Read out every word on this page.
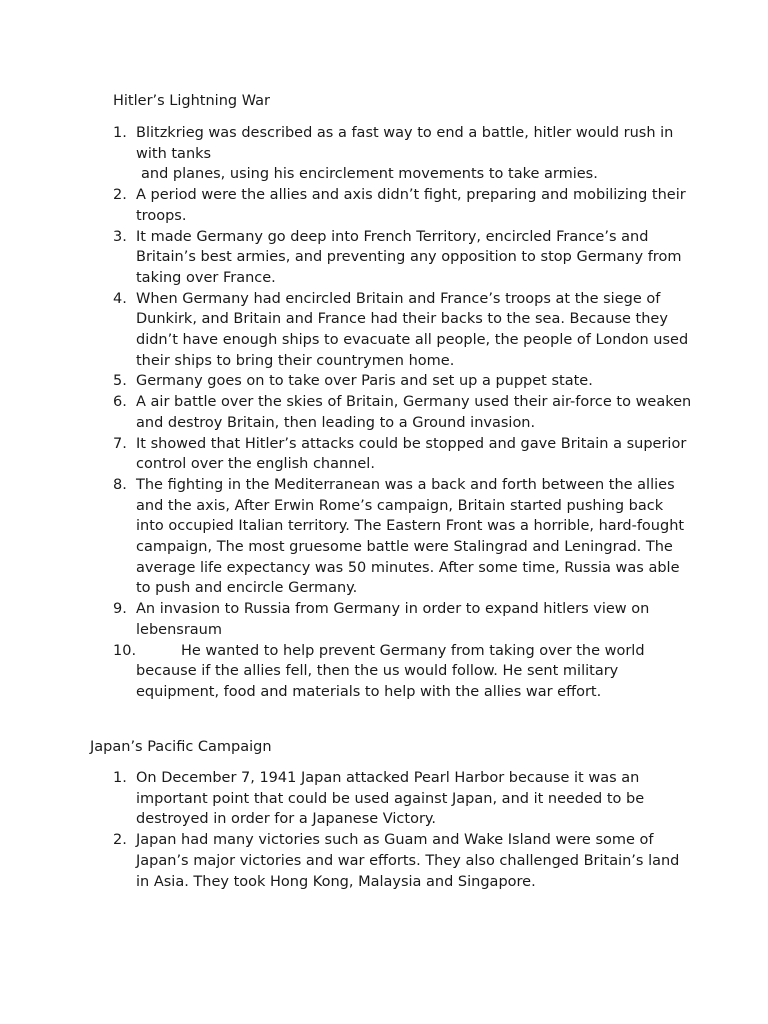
Hitler’s Lightning War
1. Blitzkrieg was described as a fast way to end a battle, hitler would rush in with tanks
and planes, using his encirclement movements to take armies.
2. A period were the allies and axis didn’t fight, preparing and mobilizing their troops.
3. It made Germany go deep into French Territory, encircled France’s and Britain’s best armies, and preventing any opposition to stop Germany from taking over France.
4. When Germany had encircled Britain and France’s troops at the siege of Dunkirk, and Britain and France had their backs to the sea. Because they didn’t have enough ships to evacuate all people, the people of London used their ships to bring their countrymen home.
5. Germany goes on to take over Paris and set up a puppet state.
6. A air battle over the skies of Britain, Germany used their air-force to weaken and destroy Britain, then leading to a Ground invasion.
7. It showed that Hitler’s attacks could be stopped and gave Britain a superior control over the english channel.
8. The fighting in the Mediterranean was a back and forth between the allies and the axis, After Erwin Rome’s campaign, Britain started pushing back into occupied Italian territory. The Eastern Front was a horrible, hard-fought campaign, The most gruesome battle were Stalingrad and Leningrad. The average life expectancy was 50 minutes. After some time, Russia was able to push and encircle Germany.
9. An invasion to Russia from Germany in order to expand hitlers view on lebensraum
10.	He wanted to help prevent Germany from taking over the world because if the allies fell, then the us would follow. He sent military equipment, food and materials to help with the allies war effort.
Japan’s Pacific Campaign
1. On December 7, 1941 Japan attacked Pearl Harbor because it was an important point that could be used against Japan, and it needed to be destroyed in order for a Japanese Victory.
2. Japan had many victories such as Guam and Wake Island were some of Japan’s major victories and war efforts. They also challenged Britain’s land in Asia. They took Hong Kong, Malaysia and Singapore.
